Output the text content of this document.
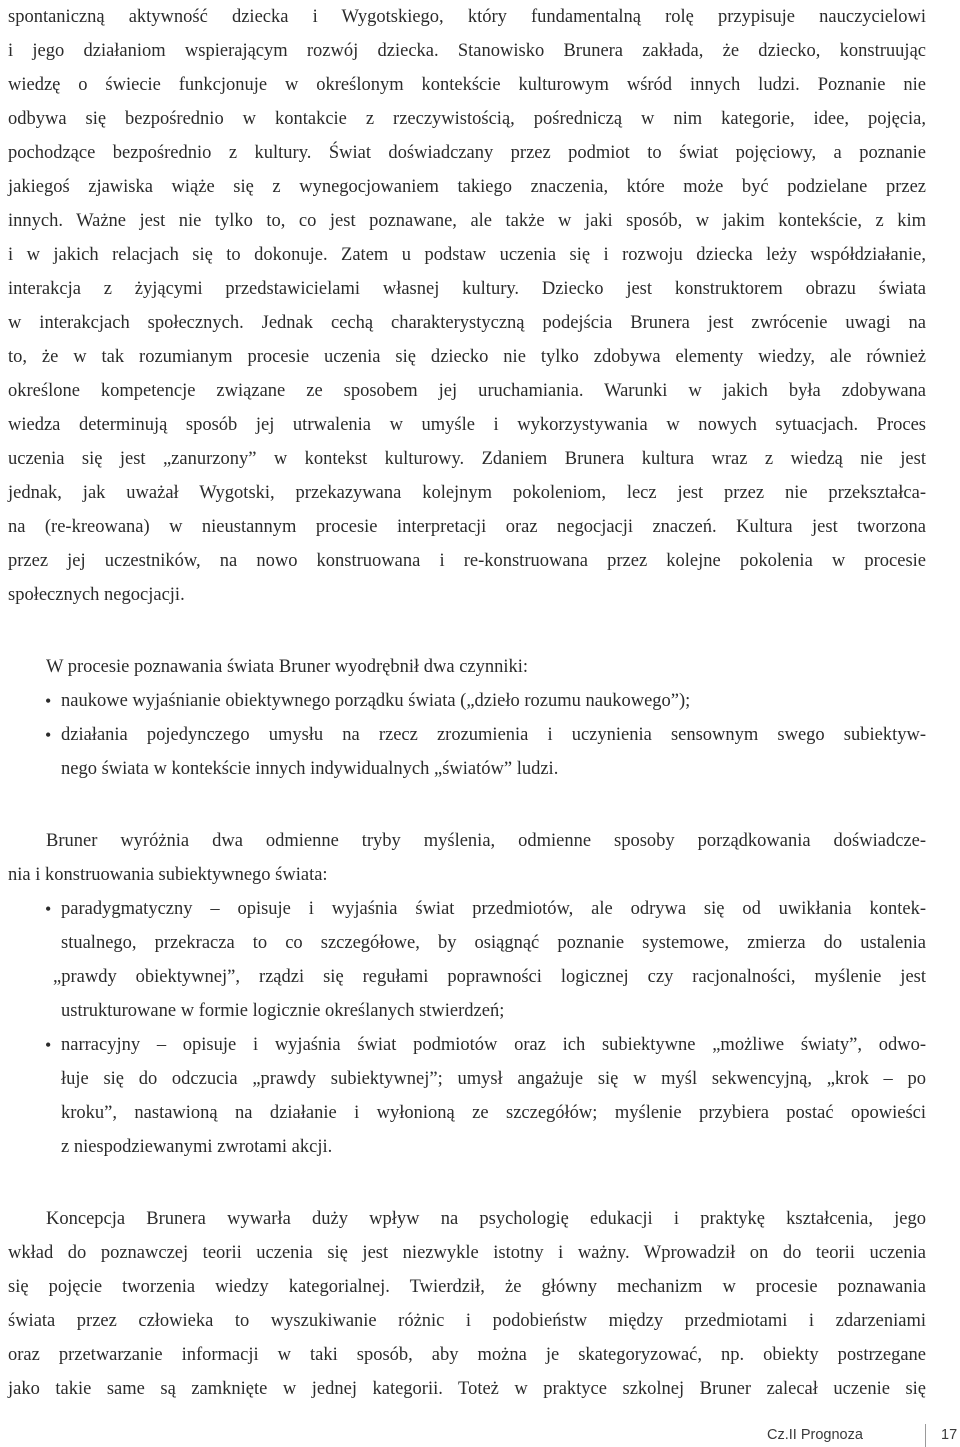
spontaniczną aktywność dziecka i Wygotskiego, który fundamentalną rolę przypisuje nauczycielowi
i jego działaniom wspierającym rozwój dziecka. Stanowisko Brunera zakłada, że dziecko, konstruując
wiedzę o świecie funkcjonuje w określonym kontekście kulturowym wśród innych ludzi. Poznanie nie
odbywa się bezpośrednio w kontakcie z rzeczywistością, pośredniczą w nim kategorie, idee, pojęcia,
pochodzące bezpośrednio z kultury. Świat doświadczany przez podmiot to świat pojęciowy, a poznanie
jakiegoś zjawiska wiąże się z wynegocjowaniem takiego znaczenia, które może być podzielane przez
innych. Ważne jest nie tylko to, co jest poznawane, ale także w jaki sposób, w jakim kontekście, z kim
i w jakich relacjach się to dokonuje. Zatem u podstaw uczenia się i rozwoju dziecka leży współdziałanie,
interakcja z żyjącymi przedstawicielami własnej kultury. Dziecko jest konstruktorem obrazu świata
w interakcjach społecznych. Jednak cechą charakterystyczną podejścia Brunera jest zwrócenie uwagi na
to, że w tak rozumianym procesie uczenia się dziecko nie tylko zdobywa elementy wiedzy, ale również
określone kompetencje związane ze sposobem jej uruchamiania. Warunki w jakich była zdobywana
wiedza determinują sposób jej utrwalenia w umyśle i wykorzystywania w nowych sytuacjach. Proces
uczenia się jest „zanurzony” w kontekst kulturowy. Zdaniem Brunera kultura wraz z wiedzą nie jest
jednak, jak uważał Wygotski, przekazywana kolejnym pokoleniom, lecz jest przez nie przekształca-
na (re-kreowana) w nieustannym procesie interpretacji oraz negocjacji znaczeń. Kultura jest tworzona
przez jej uczestników, na nowo konstruowana i re-konstruowana przez kolejne pokolenia w procesie
społecznych negocjacji.
W procesie poznawania świata Bruner wyodrębnił dwa czynniki:
• naukowe wyjaśnianie obiektywnego porządku świata („dzieło rozumu naukowego”);
• działania pojedynczego umysłu na rzecz zrozumienia i uczynienia sensownym swego subiektyw-
nego świata w kontekście innych indywidualnych „światów” ludzi.
Bruner wyróżnia dwa odmienne tryby myślenia, odmienne sposoby porządkowania doświadcze-
nia i konstruowania subiektywnego świata:
• paradygmatyczny – opisuje i wyjaśnia świat przedmiotów, ale odrywa się od uwikłania kontek-
stualnego, przekracza to co szczegółowe, by osiągnąć poznanie systemowe, zmierza do ustalenia
„prawdy obiektywnej”, rządzi się regułami poprawności logicznej czy racjonalności, myślenie jest
ustrukturowane w formie logicznie określanych stwierdzeń;
• narracyjny – opisuje i wyjaśnia świat podmiotów oraz ich subiektywne „możliwe światy”, odwo-
łuje się do odczucia „prawdy subiektywnej”; umysł angażuje się w myśl sekwencyjną, „krok – po
kroku”, nastawioną na działanie i wyłonioną ze szczegółów; myślenie przybiera postać opowieści
z niespodziewanymi zwrotami akcji.
Koncepcja Brunera wywarła duży wpływ na psychologię edukacji i praktykę kształcenia, jego
wkład do poznawczej teorii uczenia się jest niezwykle istotny i ważny. Wprowadził on do teorii uczenia
się pojęcie tworzenia wiedzy kategorialnej. Twierdził, że główny mechanizm w procesie poznawania
świata przez człowieka to wyszukiwanie różnic i podobieństw między przedmiotami i zdarzeniami
oraz przetwarzanie informacji w taki sposób, aby można je skategoryzować, np. obiekty postrzegane
jako takie same są zamknięte w jednej kategorii. Toteż w praktyce szkolnej Bruner zalecał uczenie się
Cz.II Prognoza	17
